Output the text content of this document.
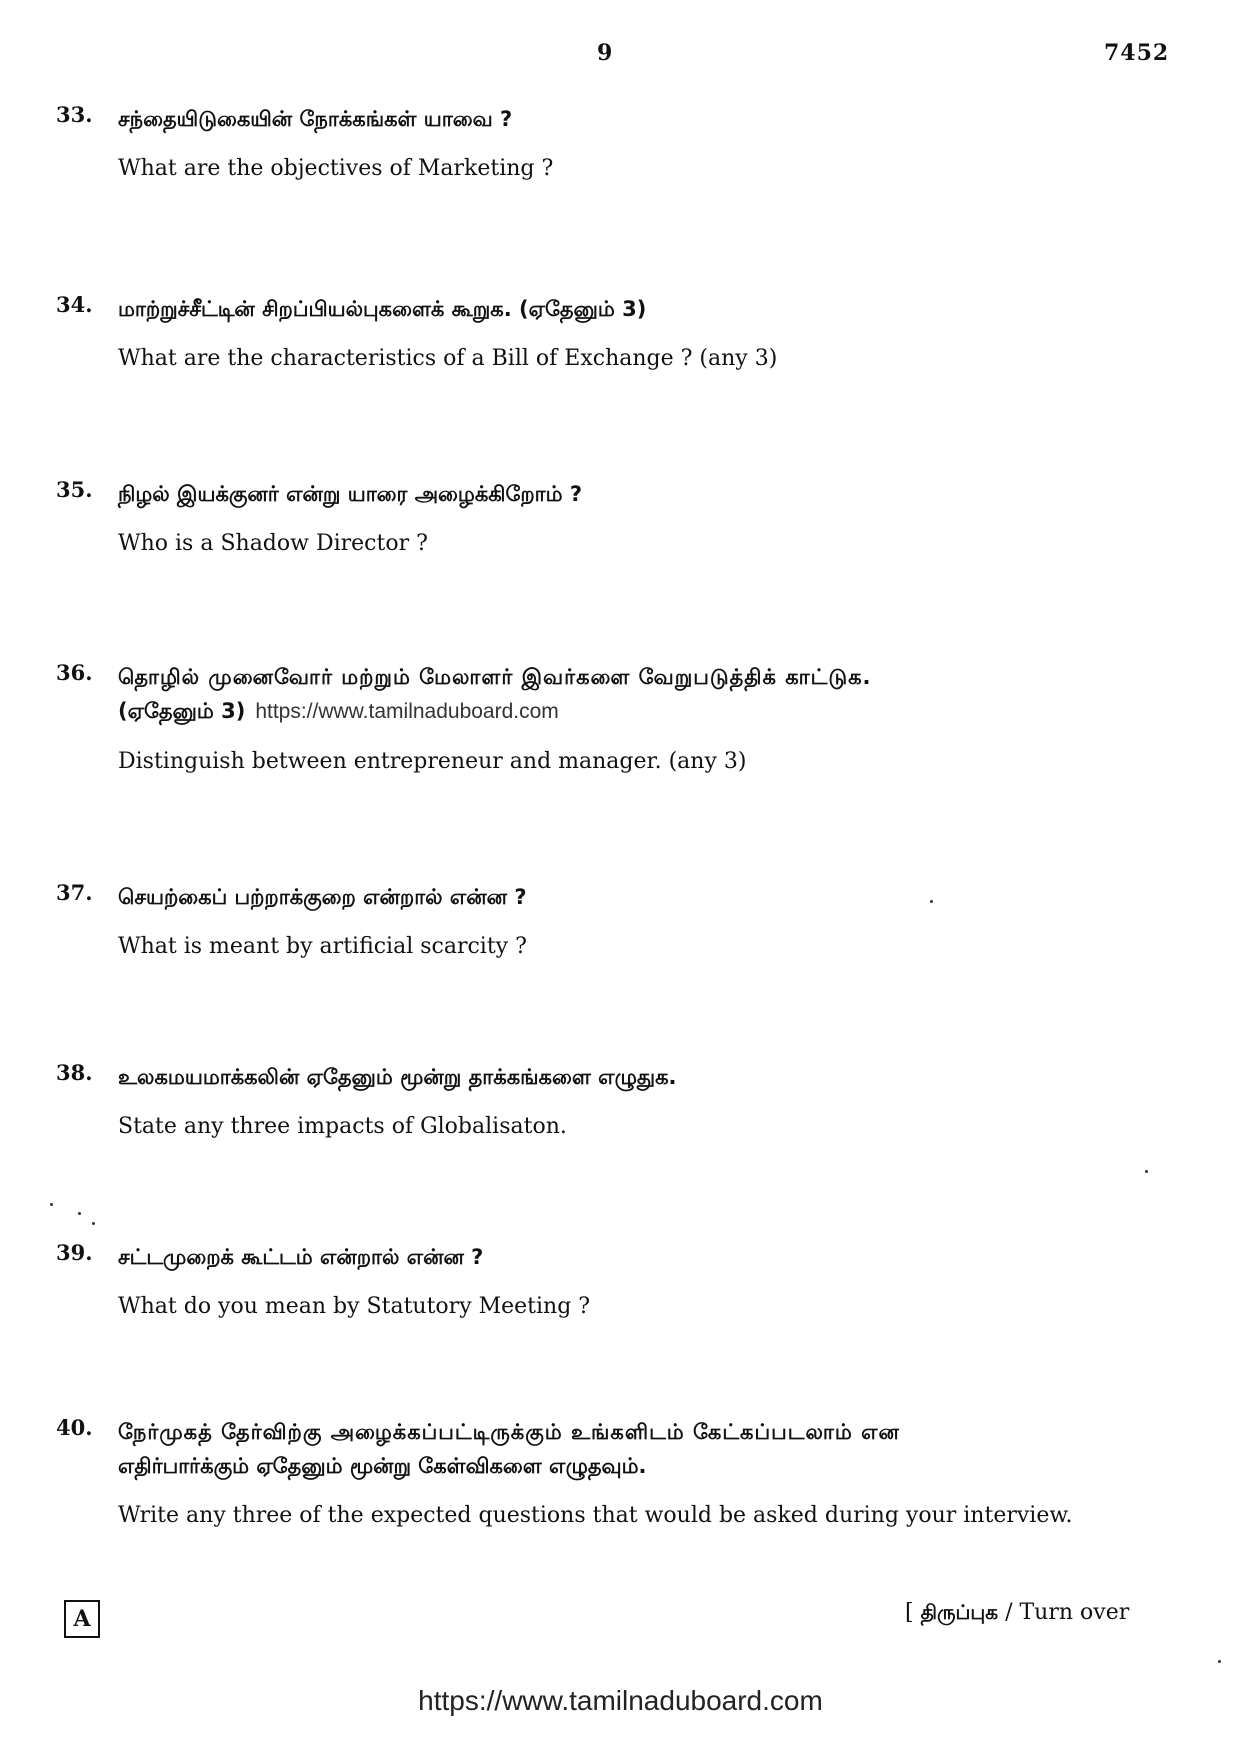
9	7452
33. சந்தையிடுகையின் நோக்கங்கள் யாவை ?
What are the objectives of Marketing ?
34. மாற்றுச்சீட்டின் சிறப்பியல்புகளைக் கூறுக. (ஏதேனும் 3)
What are the characteristics of a Bill of Exchange ? (any 3)
35. நிழல் இயக்குனர் என்று யாரை அழைக்கிறோம் ?
Who is a Shadow Director ?
36. தொழில் முனைவோர் மற்றும் மேலாளர் இவர்களை வேறுபடுத்திக் காட்டுக.
(ஏதேனும் 3) https://www.tamilnaduboard.com
Distinguish between entrepreneur and manager. (any 3)
37. செயற்கைப் பற்றாக்குறை என்றால் என்ன ?
What is meant by artificial scarcity ?
38. உலகமயமாக்கலின் ஏதேனும் மூன்று தாக்கங்களை எழுதுக.
State any three impacts of Globalisaton.
39. சட்டமுறைக் கூட்டம் என்றால் என்ன ?
What do you mean by Statutory Meeting ?
40. நேர்முகத் தேர்விற்கு அழைக்கப்பட்டிருக்கும் உங்களிடம் கேட்கப்படலாம் என
எதிர்பார்க்கும் ஏதேனும் மூன்று கேள்விகளை எழுதவும்.
Write any three of the expected questions that would be asked during your interview.
A	[ திருப்புக / Turn over
https://www.tamilnaduboard.com
